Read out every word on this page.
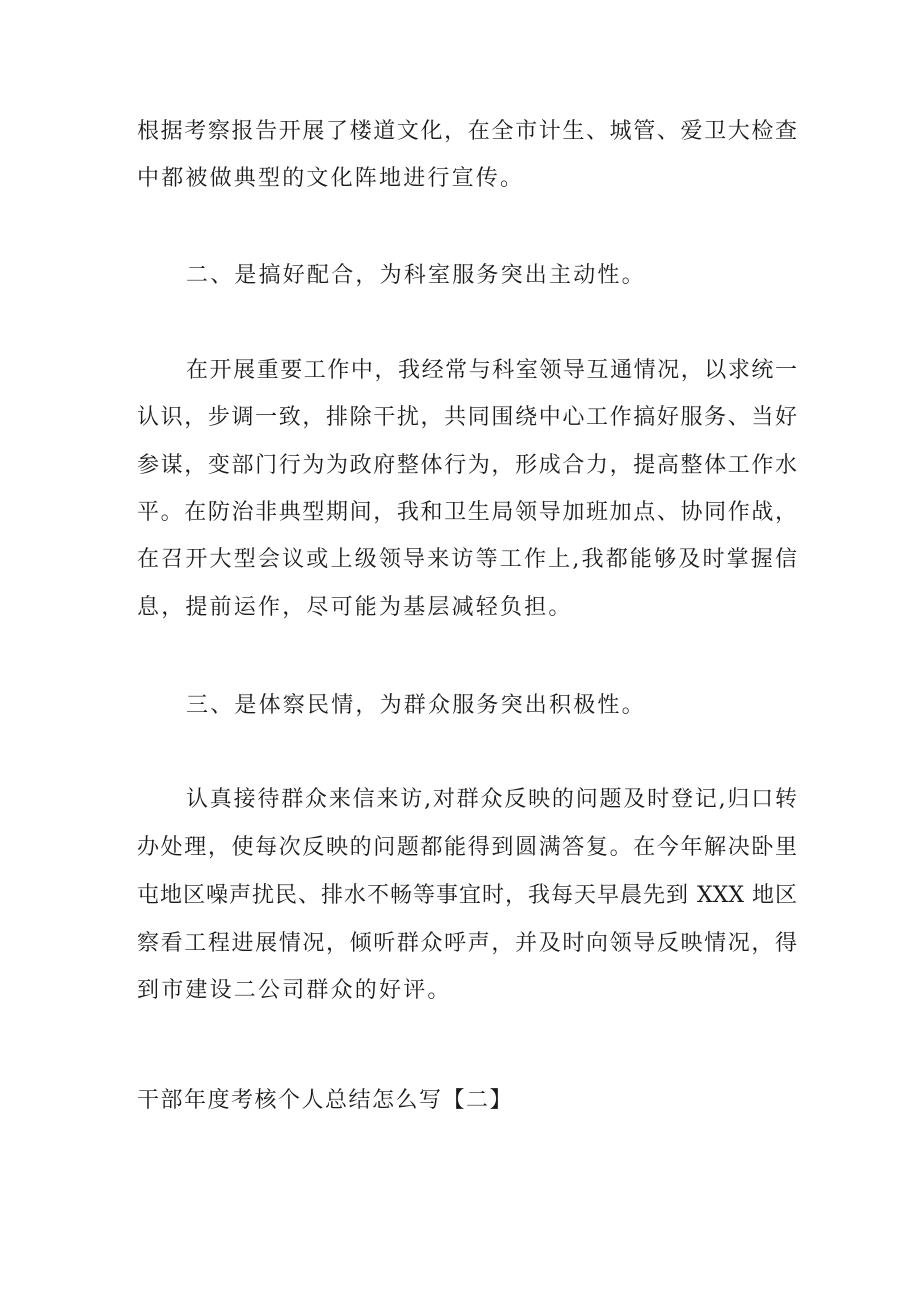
根据考察报告开展了楼道文化，在全市计生、城管、爱卫大检查
中都被做典型的文化阵地进行宣传。
二、是搞好配合，为科室服务突出主动性。
在开展重要工作中，我经常与科室领导互通情况，以求统一
认识，步调一致，排除干扰，共同围绕中心工作搞好服务、当好
参谋，变部门行为为政府整体行为，形成合力，提高整体工作水
平。在防治非典型期间，我和卫生局领导加班加点、协同作战，
在召开大型会议或上级领导来访等工作上,我都能够及时掌握信
息，提前运作，尽可能为基层减轻负担。
三、是体察民情，为群众服务突出积极性。
认真接待群众来信来访,对群众反映的问题及时登记,归口转
办处理，使每次反映的问题都能得到圆满答复。在今年解决卧里
屯地区噪声扰民、排水不畅等事宜时，我每天早晨先到 XXX 地区
察看工程进展情况，倾听群众呼声，并及时向领导反映情况，得
到市建设二公司群众的好评。
干部年度考核个人总结怎么写【二】
